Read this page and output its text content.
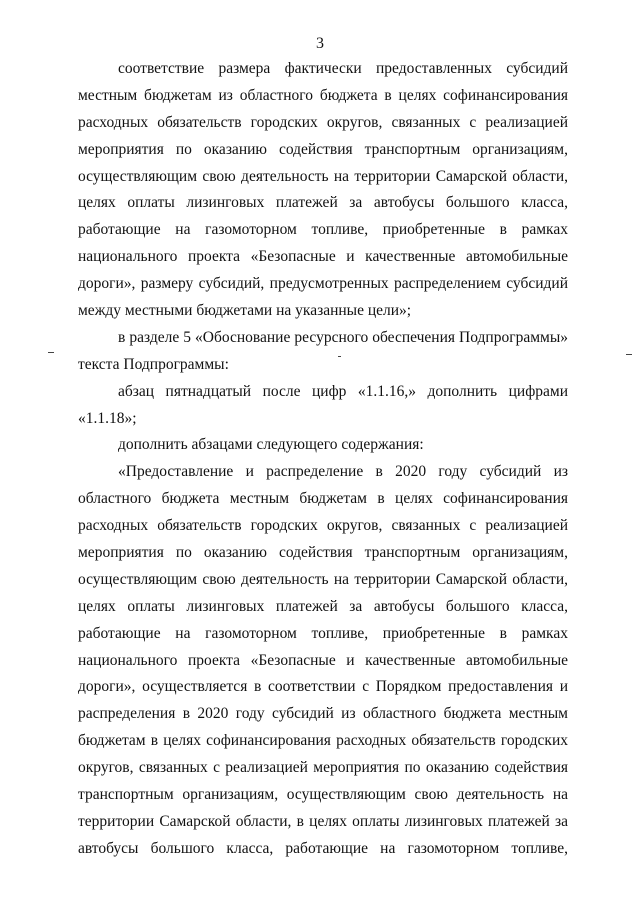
3
соответствие размера фактически предоставленных субсидий
местным бюджетам из областного бюджета в целях софинансирования
расходных обязательств городских округов, связанных с реализацией
мероприятия по оказанию содействия транспортным организациям,
осуществляющим свою деятельность на территории Самарской области,
целях оплаты лизинговых платежей за автобусы большого класса,
работающие на газомоторном топливе, приобретенные в рамках
национального проекта «Безопасные и качественные автомобильные
дороги», размеру субсидий, предусмотренных распределением субсидий
между местными бюджетами на указанные цели»;
в разделе 5 «Обоснование ресурсного обеспечения Подпрограммы»
текста Подпрограммы:
абзац пятнадцатый после цифр «1.1.16,» дополнить цифрами
«1.1.18»;
дополнить абзацами следующего содержания:
«Предоставление и распределение в 2020 году субсидий из
областного бюджета местным бюджетам в целях софинансирования
расходных обязательств городских округов, связанных с реализацией
мероприятия по оказанию содействия транспортным организациям,
осуществляющим свою деятельность на территории Самарской области,
целях оплаты лизинговых платежей за автобусы большого класса,
работающие на газомоторном топливе, приобретенные в рамках
национального проекта «Безопасные и качественные автомобильные
дороги», осуществляется в соответствии с Порядком предоставления и
распределения в 2020 году субсидий из областного бюджета местным
бюджетам в целях софинансирования расходных обязательств городских
округов, связанных с реализацией мероприятия по оказанию содействия
транспортным организациям, осуществляющим свою деятельность на
территории Самарской области, в целях оплаты лизинговых платежей за
автобусы большого класса, работающие на газомоторном топливе,
